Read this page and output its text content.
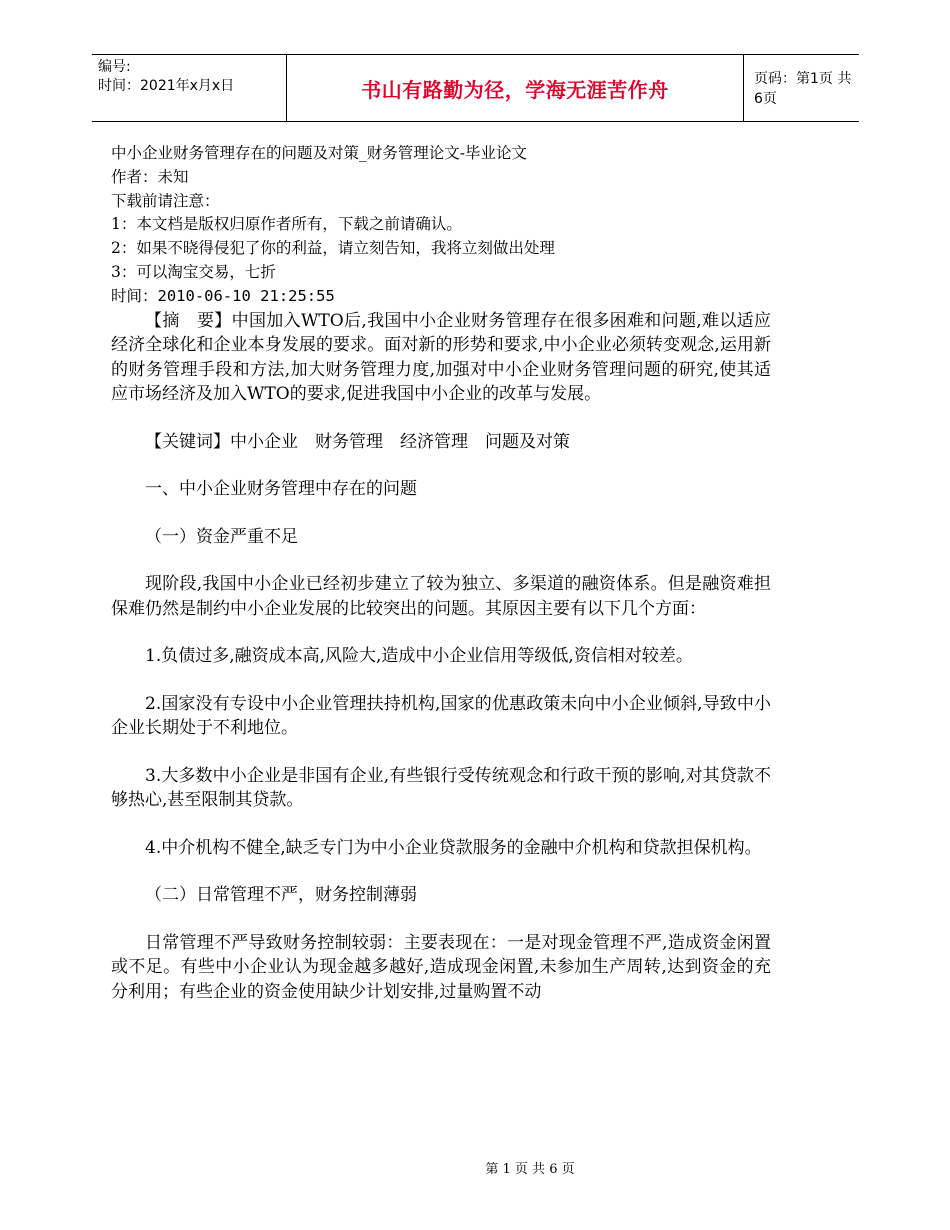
编号:
时间：2021年x月x日	书山有路勤为径，学海无涯苦作舟	页码：第1页 共6页
中小企业财务管理存在的问题及对策_财务管理论文-毕业论文
作者：未知
下载前请注意：
1：本文档是版权归原作者所有，下载之前请确认。
2：如果不晓得侵犯了你的利益，请立刻告知，我将立刻做出处理
3：可以淘宝交易，七折
时间：2010-06-10 21:25:55

【摘　要】中国加入WTO后,我国中小企业财务管理存在很多困难和问题,难以适应经济全球化和企业本身发展的要求。面对新的形势和要求,中小企业必须转变观念,运用新的财务管理手段和方法,加大财务管理力度,加强对中小企业财务管理问题的研究,使其适应市场经济及加入WTO的要求,促进我国中小企业的改革与发展。

【关键词】中小企业　财务管理　经济管理　问题及对策

一、中小企业财务管理中存在的问题

（一）资金严重不足

现阶段,我国中小企业已经初步建立了较为独立、多渠道的融资体系。但是融资难担保难仍然是制约中小企业发展的比较突出的问题。其原因主要有以下几个方面：

1.负债过多,融资成本高,风险大,造成中小企业信用等级低,资信相对较差。

2.国家没有专设中小企业管理扶持机构,国家的优惠政策未向中小企业倾斜,导致中小企业长期处于不利地位。

3.大多数中小企业是非国有企业,有些银行受传统观念和行政干预的影响,对其贷款不够热心,甚至限制其贷款。

4.中介机构不健全,缺乏专门为中小企业贷款服务的金融中介机构和贷款担保机构。

（二）日常管理不严，财务控制薄弱

日常管理不严导致财务控制较弱：主要表现在：一是对现金管理不严,造成资金闲置或不足。有些中小企业认为现金越多越好,造成现金闲置,未参加生产周转,达到资金的充分利用；有些企业的资金使用缺少计划安排,过量购置不动

第 1 页 共 6 页
